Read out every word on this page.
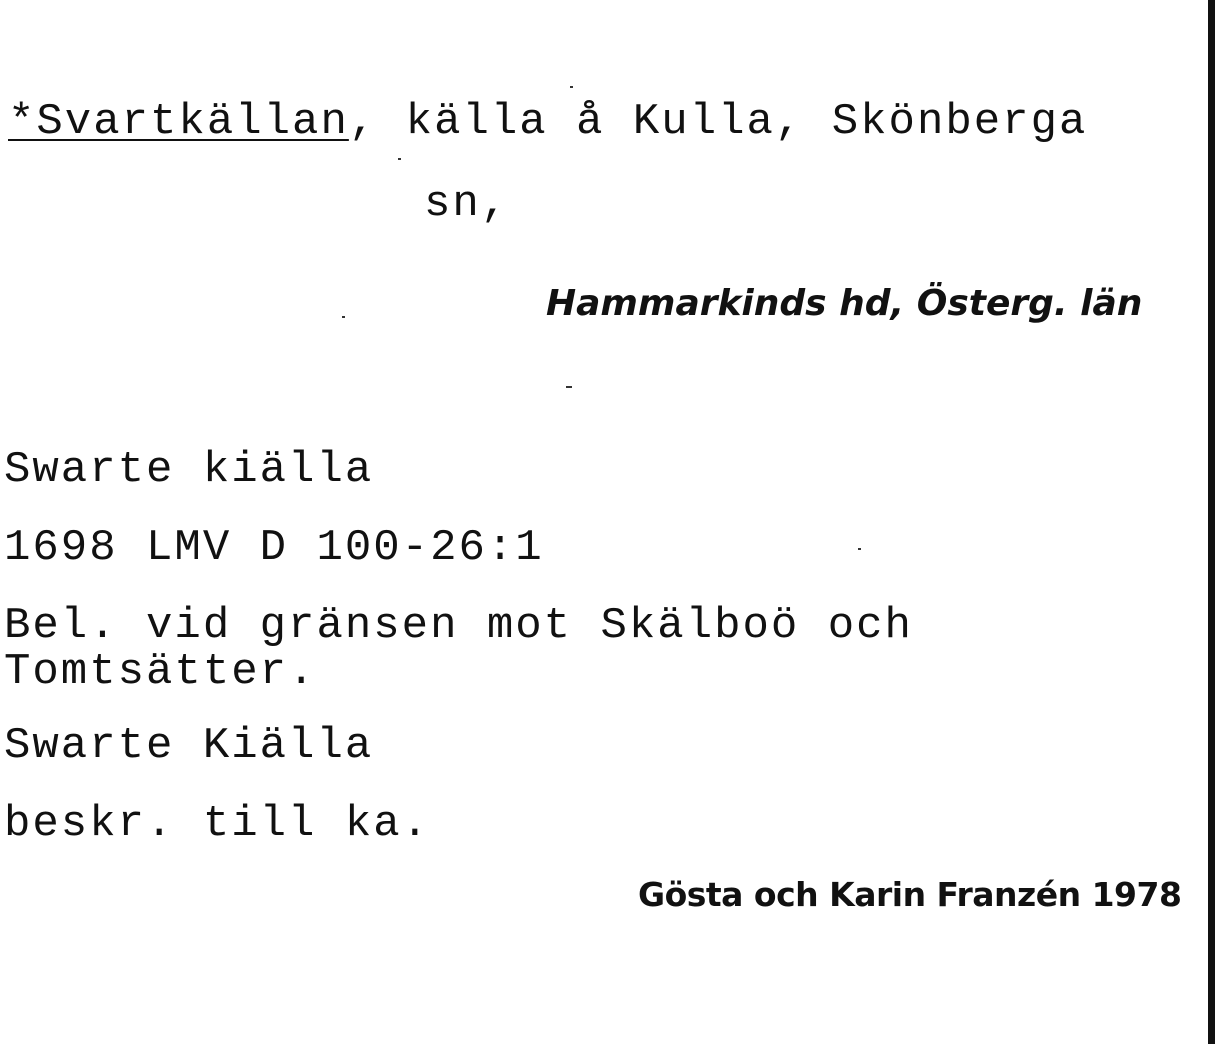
*Svartkällan, källa å Kulla, Skönberga
sn,
Hammarkinds hd, Österg. län
Swarte kiälla
1698 LMV D 100-26:1
Bel. vid gränsen mot Skälboö och
Tomtsätter.
Swarte Kiälla
beskr. till ka.
Gösta och Karin Franzén 1978
